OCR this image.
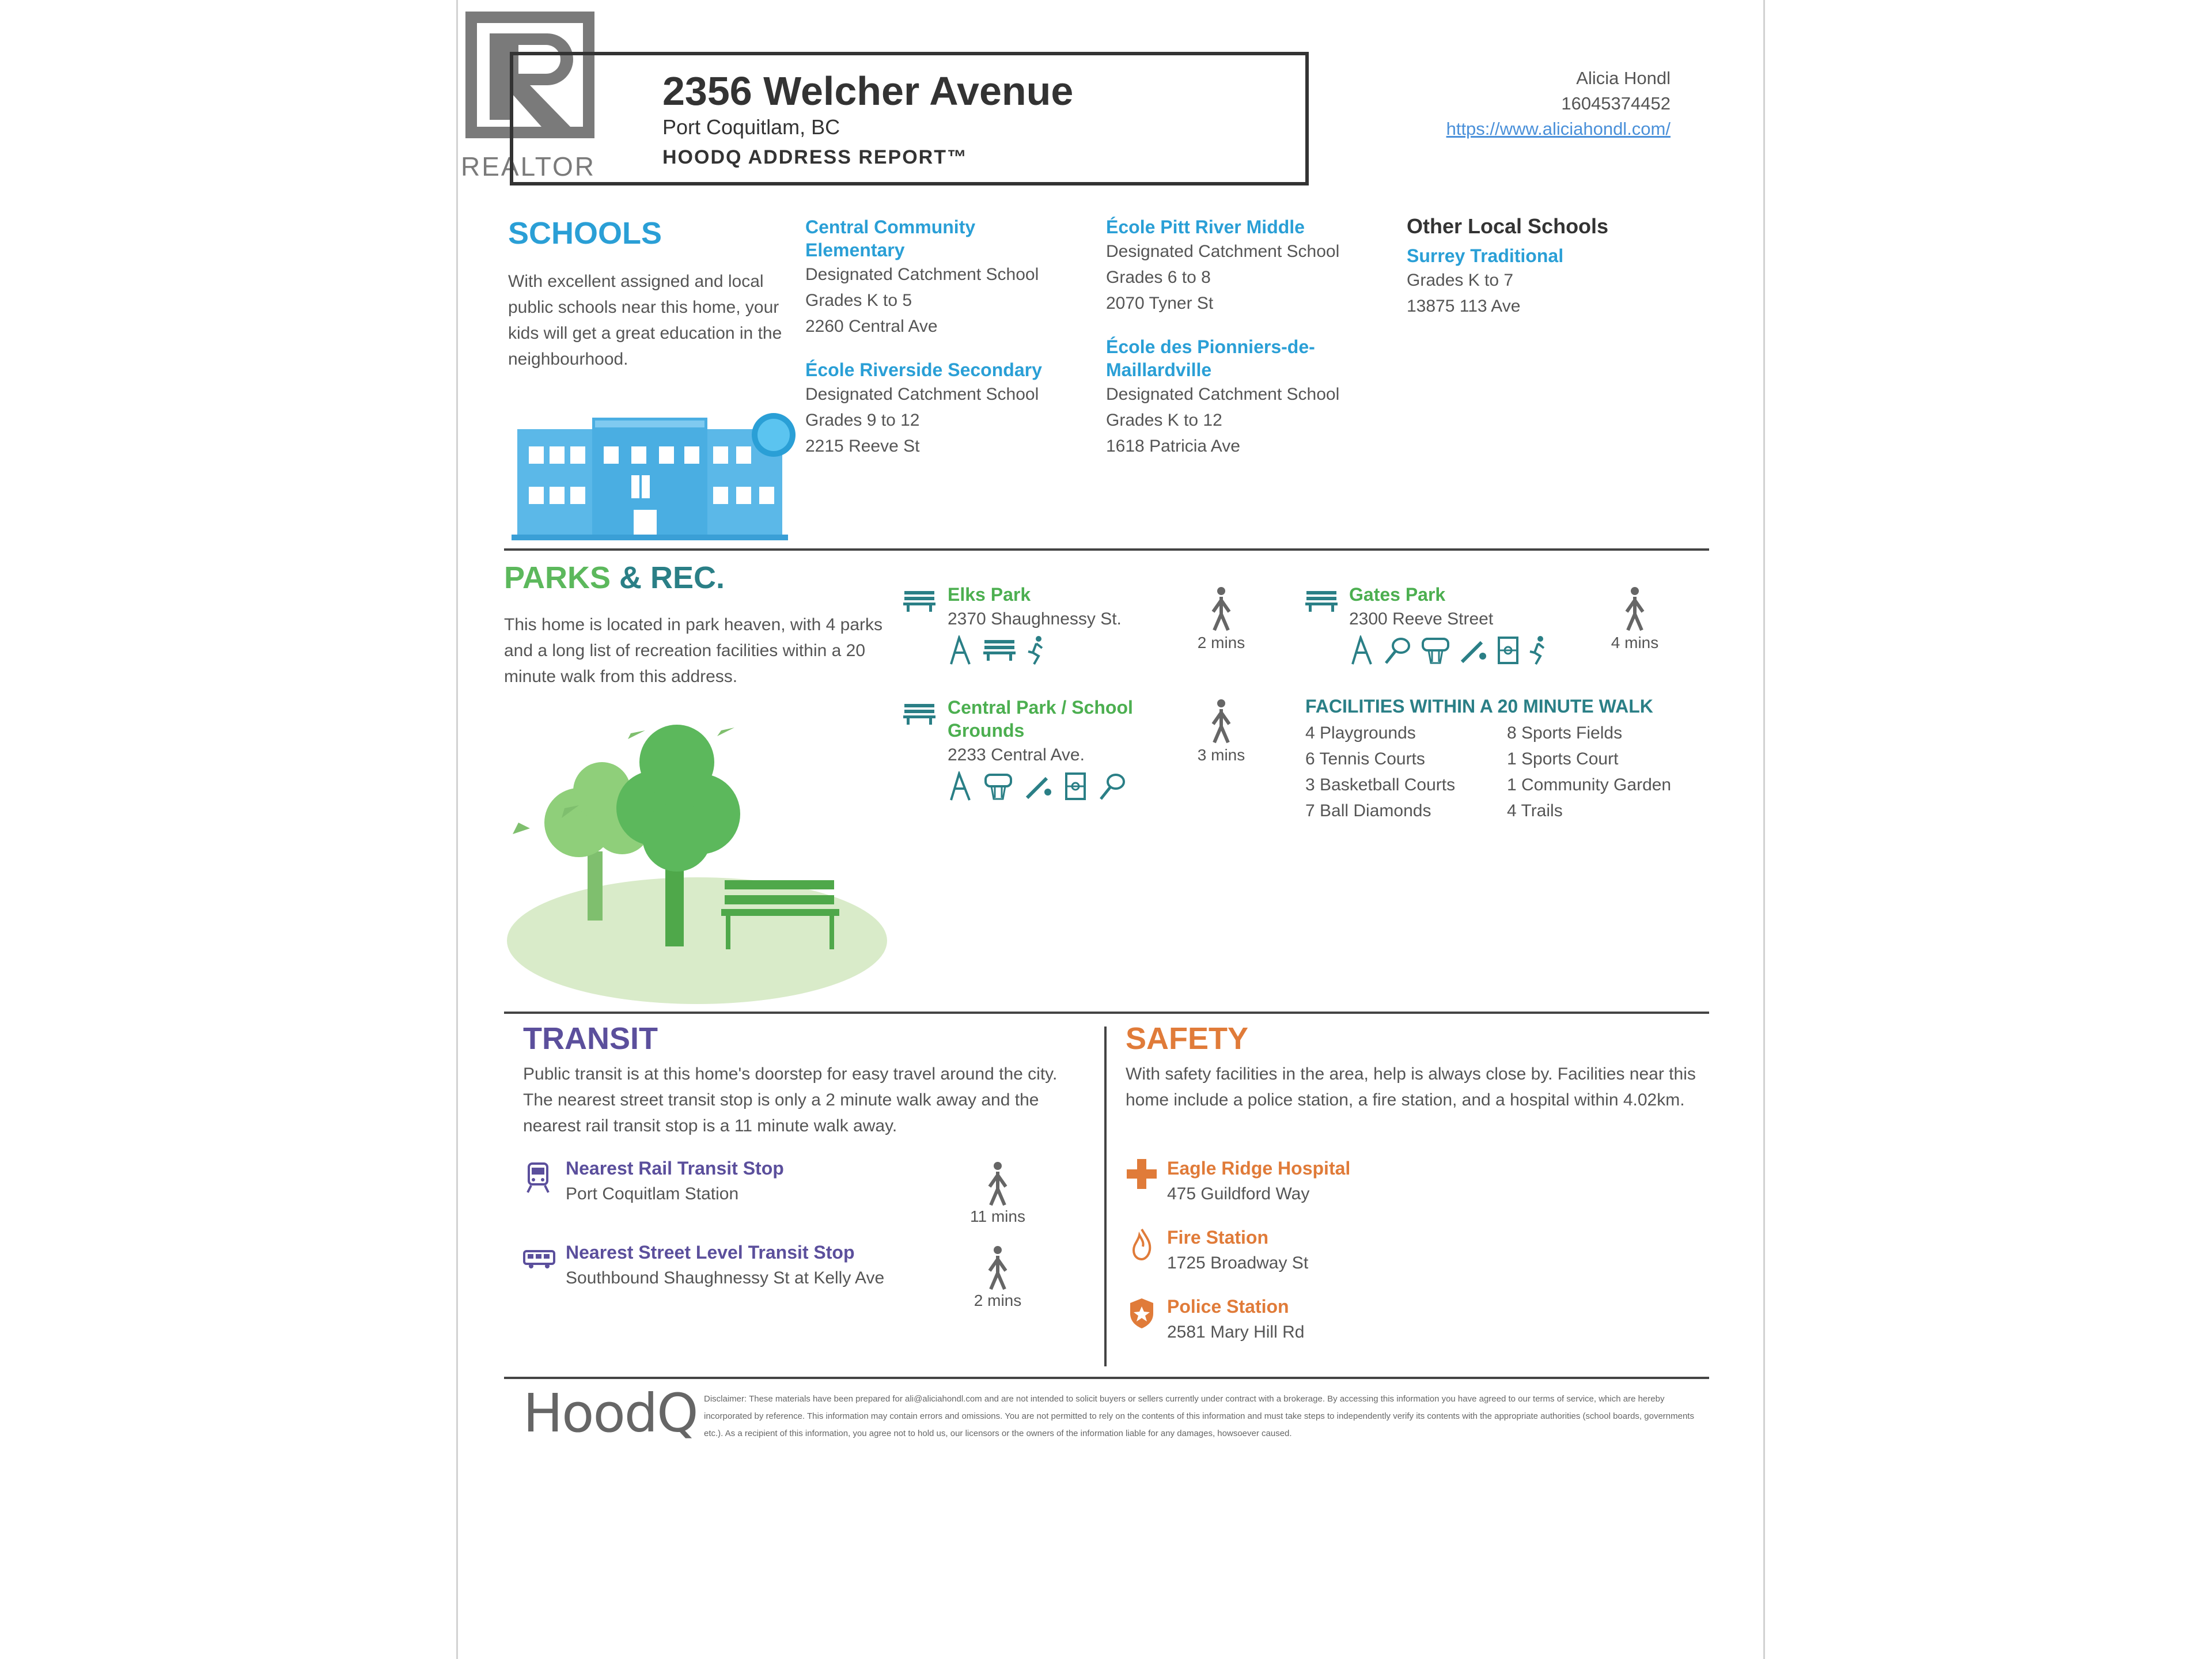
REALTOR
2356 Welcher Avenue
Port Coquitlam, BC
HOODQ ADDRESS REPORT™
Alicia Hondl
16045374452
https://www.aliciahondl.com/
SCHOOLS
With excellent assigned and local public schools near this home, your kids will get a great education in the neighbourhood.
Central Community
Elementary
Designated Catchment School
Grades K to 5
2260 Central Ave
École Riverside Secondary
Designated Catchment School
Grades 9 to 12
2215 Reeve St
École Pitt River Middle
Designated Catchment School
Grades 6 to 8
2070 Tyner St
École des Pionniers-de-
Maillardville
Designated Catchment School
Grades K to 12
1618 Patricia Ave
Other Local Schools
Surrey Traditional
Grades K to 7
13875 113 Ave
PARKS & REC.
This home is located in park heaven, with 4 parks and a long list of recreation facilities within a 20 minute walk from this address.
Elks Park
2370 Shaughnessy St.
2 mins
Central Park / School
Grounds
2233 Central Ave.	3 mins
Gates Park
2300 Reeve Street
4 mins
FACILITIES WITHIN A 20 MINUTE WALK
4 Playgrounds
6 Tennis Courts
3 Basketball Courts
7 Ball Diamonds
8 Sports Fields
1 Sports Court
1 Community Garden
4 Trails
TRANSIT
Public transit is at this home's doorstep for easy travel around the city. The nearest street transit stop is only a 2 minute walk away and the nearest rail transit stop is a 11 minute walk away.
Nearest Rail Transit Stop
Port Coquitlam Station
11 mins
Nearest Street Level Transit Stop
Southbound Shaughnessy St at Kelly Ave
2 mins
SAFETY
With safety facilities in the area, help is always close by. Facilities near this home include a police station, a fire station, and a hospital within 4.02km.
Eagle Ridge Hospital
475 Guildford Way
Fire Station
1725 Broadway St
Police Station
2581 Mary Hill Rd
HoodQ Disclaimer: These materials have been prepared for ali@aliciahondl.com and are not intended to solicit buyers or sellers currently under contract with a brokerage. By accessing this information you have agreed to our terms of service, which are hereby incorporated by reference. This information may contain errors and omissions. You are not permitted to rely on the contents of this information and must take steps to independently verify its contents with the appropriate authorities (school boards, governments etc.). As a recipient of this information, you agree not to hold us, our licensors or the owners of the information liable for any damages, howsoever caused.
